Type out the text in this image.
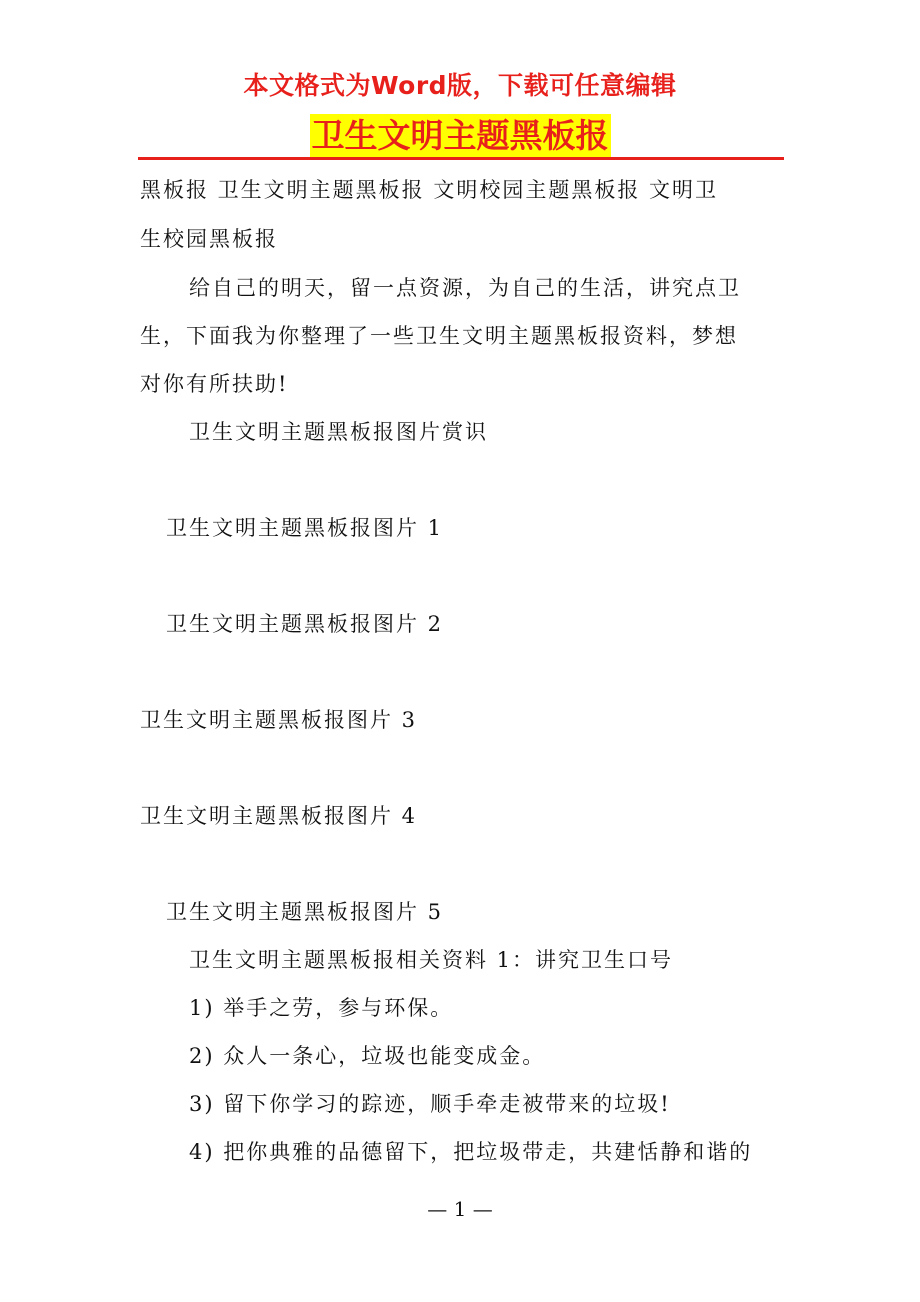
本文格式为Word版，下载可任意编辑
卫生文明主题黑板报
黑板报 卫生文明主题黑板报 文明校园主题黑板报 文明卫
生校园黑板报
给自己的明天，留一点资源，为自己的生活，讲究点卫
生，下面我为你整理了一些卫生文明主题黑板报资料，梦想
对你有所扶助!
卫生文明主题黑板报图片赏识
卫生文明主题黑板报图片 1
卫生文明主题黑板报图片 2
卫生文明主题黑板报图片 3
卫生文明主题黑板报图片 4
卫生文明主题黑板报图片 5
卫生文明主题黑板报相关资料 1：讲究卫生口号
1) 举手之劳，参与环保。
2) 众人一条心，垃圾也能变成金。
3) 留下你学习的踪迹，顺手牵走被带来的垃圾!
4) 把你典雅的品德留下，把垃圾带走，共建恬静和谐的
— 1 —
